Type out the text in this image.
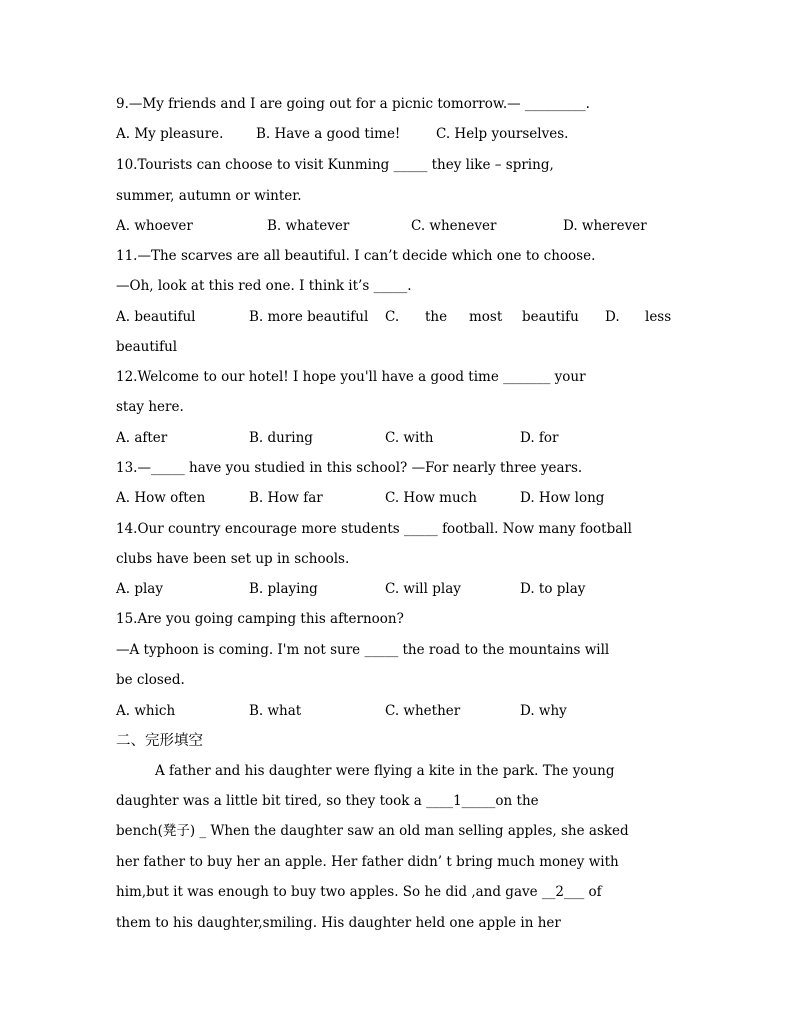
9.—My friends and I are going out for a picnic tomorrow.— _________.
A. My pleasure. B. Have a good time!	C. Help yourselves.
10.Tourists can choose to visit Kunming _____ they like – spring,
summer, autumn or winter.
A. whoever	B. whatever	C. whenever	D. wherever
11.—The scarves are all beautiful. I can’t decide which one to choose.
—Oh, look at this red one. I think it’s _____.
A. beautiful	B. more beautiful C. the most beautifu D. less
beautiful
12.Welcome to our hotel! I hope you'll have a good time _______ your
stay here.
A. after	B. during	C. with	D. for
13.—_____ have you studied in this school? —For nearly three years.
A. How often	B. How far	C. How much	D. How long
14.Our country encourage more students _____ football. Now many football
clubs have been set up in schools.
A. play	B. playing	C. will play	D. to play
15.Are you going camping this afternoon?
—A typhoon is coming. I'm not sure _____ the road to the mountains will
be closed.
A. which	B. what	C. whether	D. why
二、完形填空
A father and his daughter were flying a kite in the park. The young
daughter was a little bit tired, so they took a ____1_____on the
bench(凳子) _ When the daughter saw an old man selling apples, she asked
her father to buy her an apple. Her father didn’ t bring much money with
him,but it was enough to buy two apples. So he did ,and gave __2___ of
them to his daughter,smiling. His daughter held one apple in her
